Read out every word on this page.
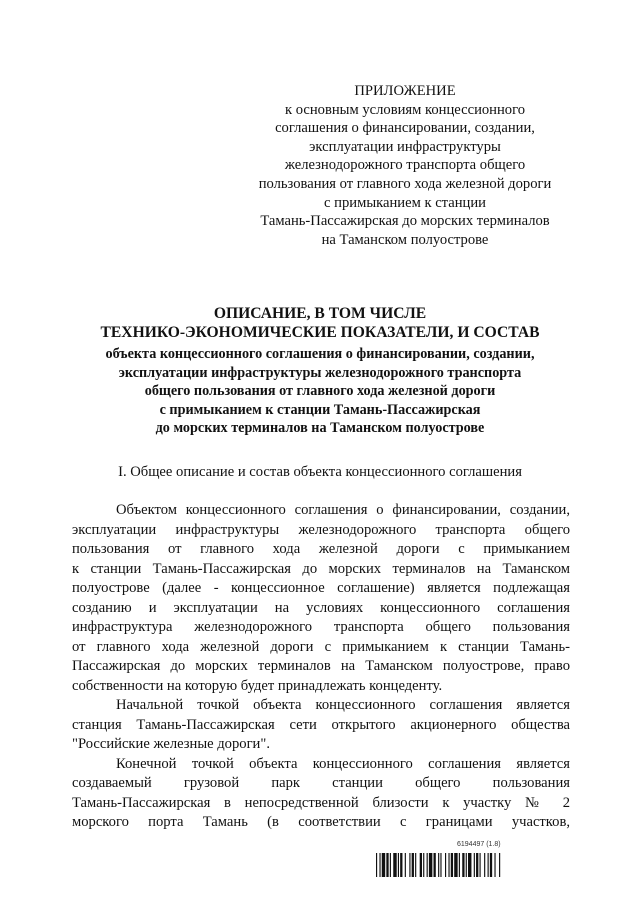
ПРИЛОЖЕНИЕ
к основным условиям концессионного
соглашения о финансировании, создании,
эксплуатации инфраструктуры
железнодорожного транспорта общего
пользования от главного хода железной дороги
с примыканием к станции
Тамань-Пассажирская до морских терминалов
на Таманском полуострове
ОПИСАНИЕ, В ТОМ ЧИСЛЕ
ТЕХНИКО-ЭКОНОМИЧЕСКИЕ ПОКАЗАТЕЛИ, И СОСТАВ
объекта концессионного соглашения о финансировании, создании,
эксплуатации инфраструктуры железнодорожного транспорта
общего пользования от главного хода железной дороги
с примыканием к станции Тамань-Пассажирская
до морских терминалов на Таманском полуострове
I. Общее описание и состав объекта концессионного соглашения
Объектом концессионного соглашения о финансировании, создании,
эксплуатации инфраструктуры железнодорожного транспорта общего
пользования от главного хода железной дороги с примыканием
к станции Тамань-Пассажирская до морских терминалов на Таманском
полуострове (далее - концессионное соглашение) является подлежащая
созданию и эксплуатации на условиях концессионного соглашения
инфраструктура железнодорожного транспорта общего пользования
от главного хода железной дороги с примыканием к станции Тамань-
Пассажирская до морских терминалов на Таманском полуострове, право
собственности на которую будет принадлежать концеденту.
Начальной точкой объекта концессионного соглашения является
станция Тамань-Пассажирская сети открытого акционерного общества
"Российские железные дороги".
Конечной точкой объекта концессионного соглашения является
создаваемый грузовой парк станции общего пользования
Тамань-Пассажирская в непосредственной близости к участку № 2
морского порта Тамань (в соответствии с границами участков,
6194497 (1.8)
